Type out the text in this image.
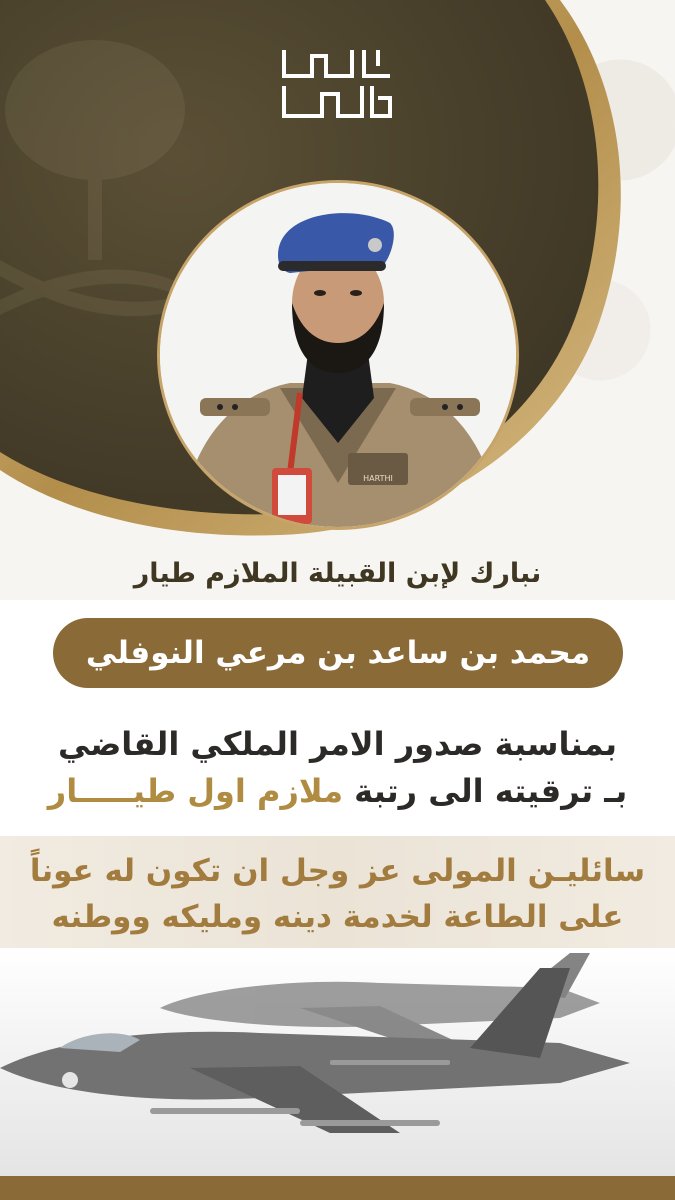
HARTHI
نبارك لإبن القبيلة الملازم طيار
محمد بن ساعد بن مرعي النوفلي
بمناسبة صدور الامر الملكي القاضي
بـ ترقيته الى رتبة ملازم اول طيـــــار
سائليـن المولى عز وجل ان تكون له عوناً
على الطاعة لخدمة دينه ومليكه ووطنه
